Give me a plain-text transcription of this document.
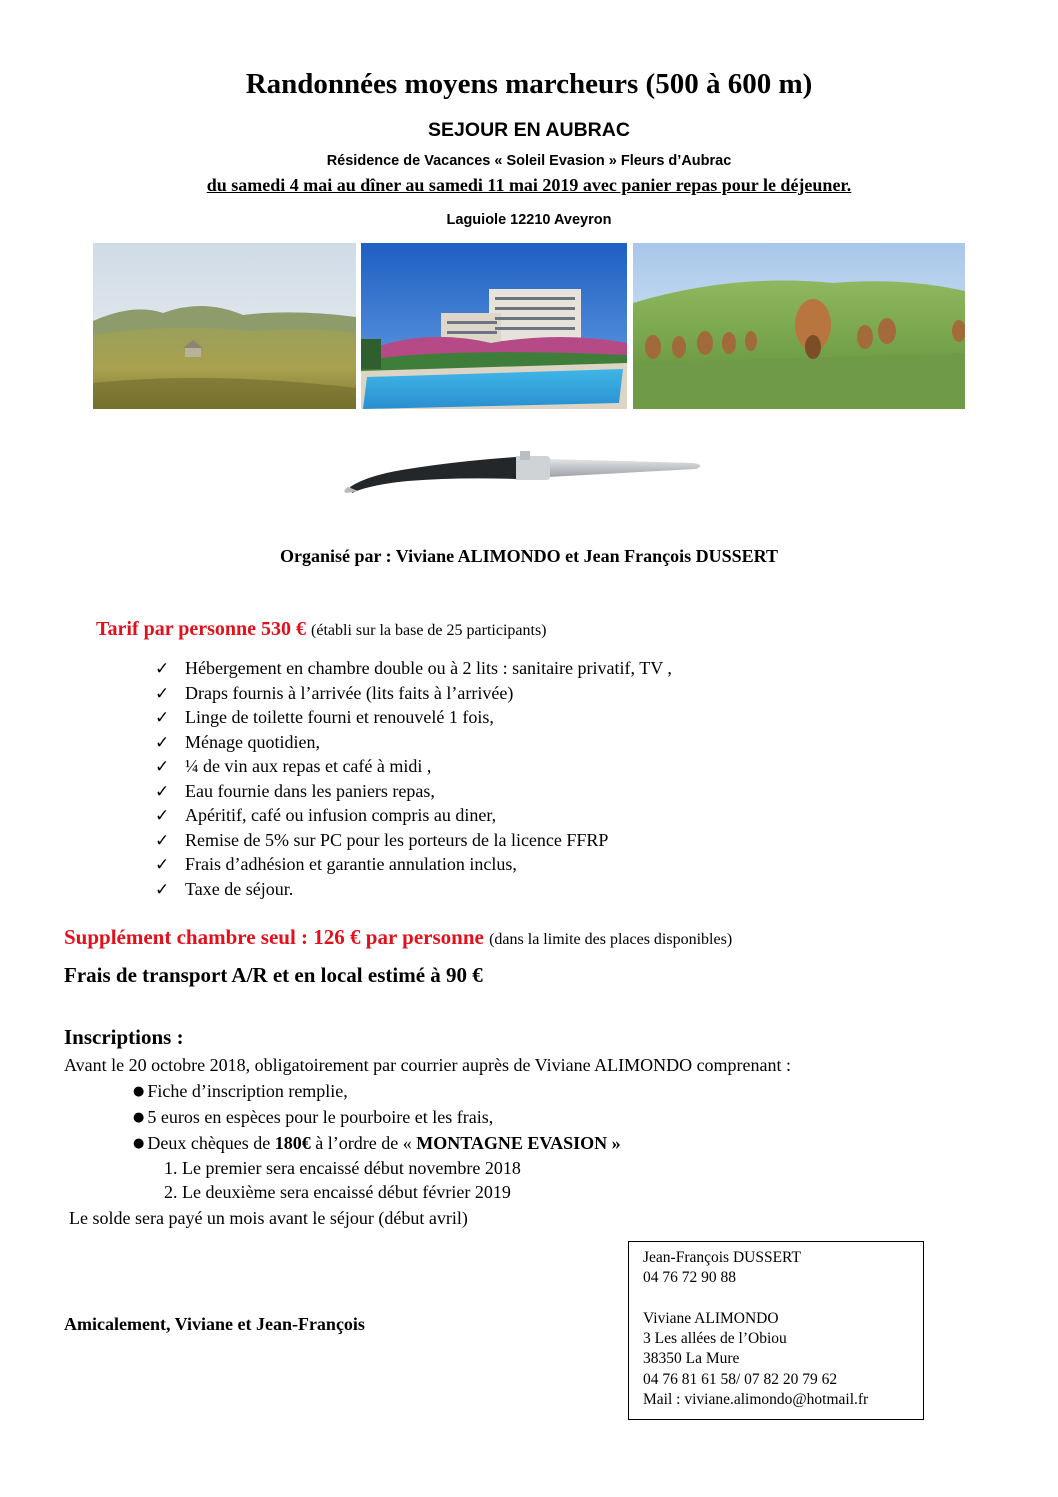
Randonnées moyens marcheurs (500 à 600 m)
SEJOUR EN AUBRAC
Résidence de Vacances « Soleil Evasion » Fleurs d’Aubrac
du samedi 4 mai au dîner au samedi 11 mai 2019 avec panier repas pour le déjeuner.
Laguiole 12210 Aveyron
Organisé par : Viviane ALIMONDO et Jean François DUSSERT
Tarif par personne 530 € (établi sur la base de 25 participants)
✓ Hébergement en chambre double ou à 2 lits : sanitaire privatif, TV ,
✓ Draps fournis à l’arrivée (lits faits à l’arrivée)
✓ Linge de toilette fourni et renouvelé 1 fois,
✓ Ménage quotidien,
✓ ¼ de vin aux repas et café à midi ,
✓ Eau fournie dans les paniers repas,
✓ Apéritif, café ou infusion compris au diner,
✓ Remise de 5% sur PC pour les porteurs de la licence FFRP
✓ Frais d’adhésion et garantie annulation inclus,
✓ Taxe de séjour.
Supplément chambre seul : 126 € par personne (dans la limite des places disponibles)
Frais de transport A/R et en local estimé à 90 €
Inscriptions :
Avant le 20 octobre 2018, obligatoirement par courrier auprès de Viviane ALIMONDO comprenant :
● Fiche d’inscription remplie,
● 5 euros en espèces pour le pourboire et les frais,
● Deux chèques de 180€ à l’ordre de « MONTAGNE EVASION »
1. Le premier sera encaissé début novembre 2018
2. Le deuxième sera encaissé début février 2019
Le solde sera payé un mois avant le séjour (début avril)
Amicalement, Viviane et Jean-François
Jean-François DUSSERT
04 76 72 90 88
Viviane ALIMONDO
3 Les allées de l’Obiou
38350 La Mure
04 76 81 61 58/ 07 82 20 79 62
Mail : viviane.alimondo@hotmail.fr
